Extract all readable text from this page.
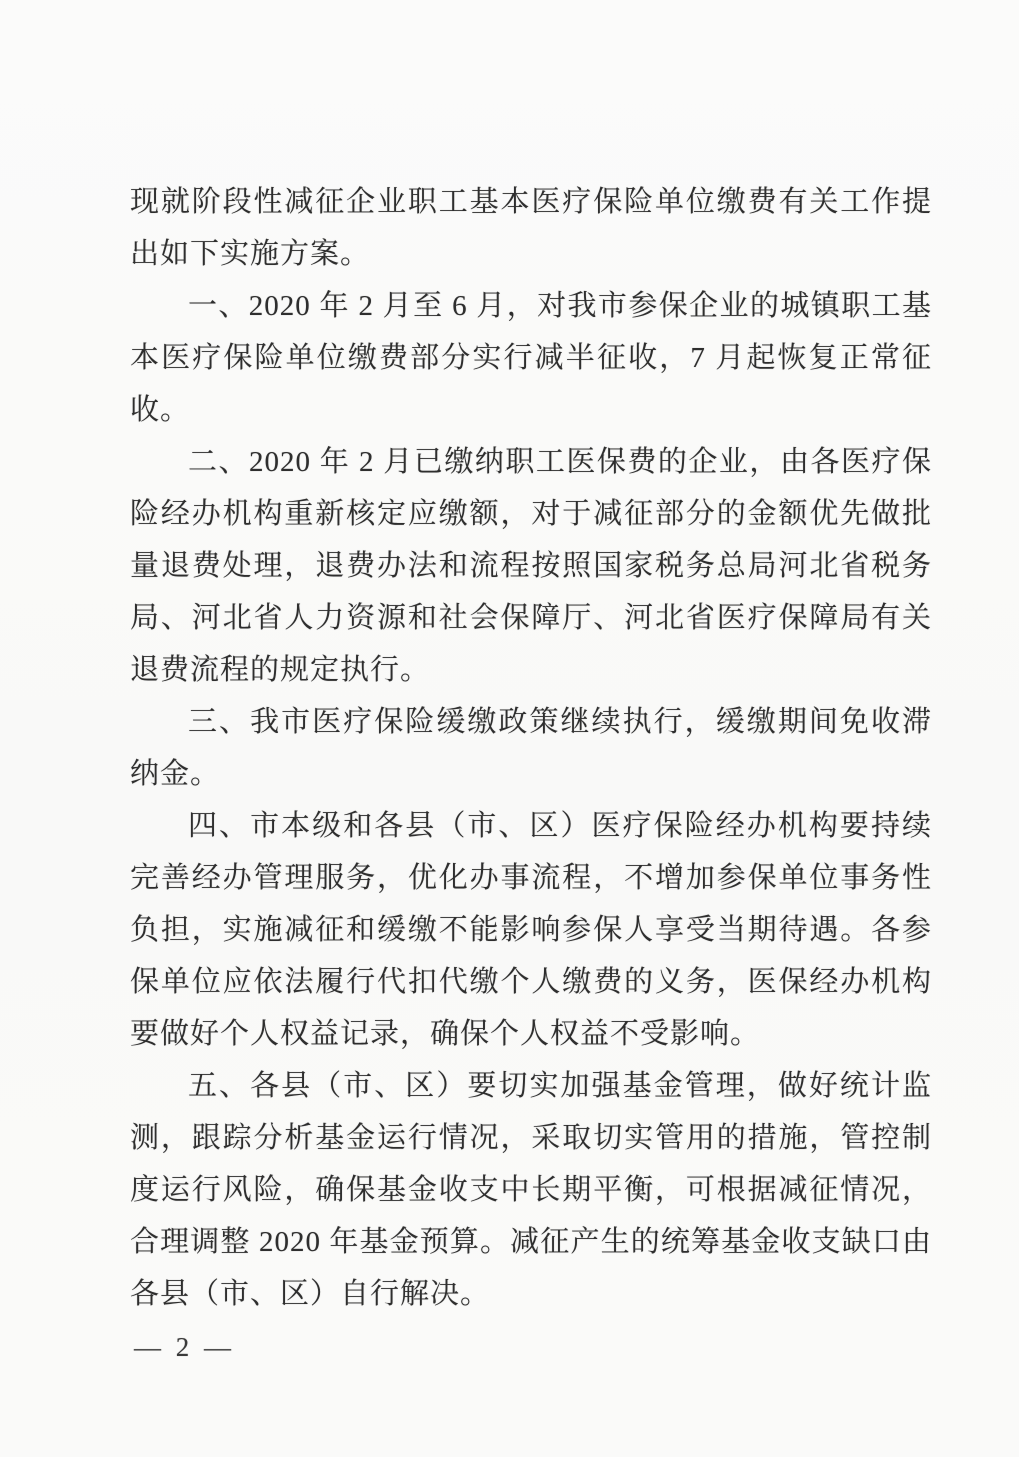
现就阶段性减征企业职工基本医疗保险单位缴费有关工作提出如下实施方案。

一、2020 年 2 月至 6 月，对我市参保企业的城镇职工基本医疗保险单位缴费部分实行减半征收，7 月起恢复正常征收。

二、2020 年 2 月已缴纳职工医保费的企业，由各医疗保险经办机构重新核定应缴额，对于减征部分的金额优先做批量退费处理，退费办法和流程按照国家税务总局河北省税务局、河北省人力资源和社会保障厅、河北省医疗保障局有关退费流程的规定执行。

三、我市医疗保险缓缴政策继续执行，缓缴期间免收滞纳金。

四、市本级和各县（市、区）医疗保险经办机构要持续完善经办管理服务，优化办事流程，不增加参保单位事务性负担，实施减征和缓缴不能影响参保人享受当期待遇。各参保单位应依法履行代扣代缴个人缴费的义务，医保经办机构要做好个人权益记录，确保个人权益不受影响。

五、各县（市、区）要切实加强基金管理，做好统计监测，跟踪分析基金运行情况，采取切实管用的措施，管控制度运行风险，确保基金收支中长期平衡，可根据减征情况，合理调整 2020 年基金预算。减征产生的统筹基金收支缺口由各县（市、区）自行解决。

— 2 —
